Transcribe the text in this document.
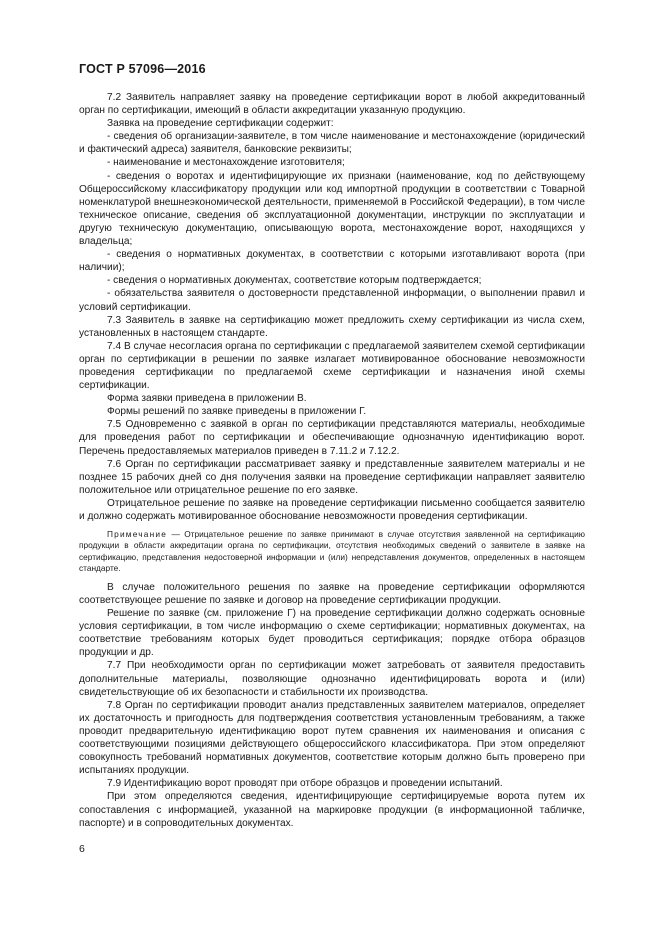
ГОСТ Р 57096—2016

7.2 Заявитель направляет заявку на проведение сертификации ворот в любой аккредитованный орган по сертификации, имеющий в области аккредитации указанную продукцию.

Заявка на проведение сертификации содержит:

- сведения об организации-заявителе, в том числе наименование и местонахождение (юридический и фактический адреса) заявителя, банковские реквизиты;

- наименование и местонахождение изготовителя;

- сведения о воротах и идентифицирующие их признаки (наименование, код по действующему Общероссийскому классификатору продукции или код импортной продукции в соответствии с Товарной номенклатурой внешнеэкономической деятельности, применяемой в Российской Федерации), в том числе техническое описание, сведения об эксплуатационной документации, инструкции по эксплуатации и другую техническую документацию, описывающую ворота, местонахождение ворот, находящихся у владельца;

- сведения о нормативных документах, в соответствии с которыми изготавливают ворота (при наличии);

- сведения о нормативных документах, соответствие которым подтверждается;

- обязательства заявителя о достоверности представленной информации, о выполнении правил и условий сертификации.

7.3 Заявитель в заявке на сертификацию может предложить схему сертификации из числа схем, установленных в настоящем стандарте.

7.4 В случае несогласия органа по сертификации с предлагаемой заявителем схемой сертификации орган по сертификации в решении по заявке излагает мотивированное обоснование невозможности проведения сертификации по предлагаемой схеме сертификации и назначения иной схемы сертификации.

Форма заявки приведена в приложении В.

Формы решений по заявке приведены в приложении Г.

7.5 Одновременно с заявкой в орган по сертификации представляются материалы, необходимые для проведения работ по сертификации и обеспечивающие однозначную идентификацию ворот. Перечень предоставляемых материалов приведен в 7.11.2 и 7.12.2.

7.6 Орган по сертификации рассматривает заявку и представленные заявителем материалы и не позднее 15 рабочих дней со дня получения заявки на проведение сертификации направляет заявителю положительное или отрицательное решение по его заявке.

Отрицательное решение по заявке на проведение сертификации письменно сообщается заявителю и должно содержать мотивированное обоснование невозможности проведения сертификации.

Примечание — Отрицательное решение по заявке принимают в случае отсутствия заявленной на сертификацию продукции в области аккредитации органа по сертификации, отсутствия необходимых сведений о заявителе в заявке на сертификацию, представления недостоверной информации и (или) непредставления документов, определенных в настоящем стандарте.

В случае положительного решения по заявке на проведение сертификации оформляются соответствующее решение по заявке и договор на проведение сертификации продукции.

Решение по заявке (см. приложение Г) на проведение сертификации должно содержать основные условия сертификации, в том числе информацию о схеме сертификации; нормативных документах, на соответствие требованиям которых будет проводиться сертификация; порядке отбора образцов продукции и др.

7.7 При необходимости орган по сертификации может затребовать от заявителя предоставить дополнительные материалы, позволяющие однозначно идентифицировать ворота и (или) свидетельствующие об их безопасности и стабильности их производства.

7.8 Орган по сертификации проводит анализ представленных заявителем материалов, определяет их достаточность и пригодность для подтверждения соответствия установленным требованиям, а также проводит предварительную идентификацию ворот путем сравнения их наименования и описания с соответствующими позициями действующего общероссийского классификатора. При этом определяют совокупность требований нормативных документов, соответствие которым должно быть проверено при испытаниях продукции.

7.9 Идентификацию ворот проводят при отборе образцов и проведении испытаний.

При этом определяются сведения, идентифицирующие сертифицируемые ворота путем их сопоставления с информацией, указанной на маркировке продукции (в информационной табличке, паспорте) и в сопроводительных документах.

6
